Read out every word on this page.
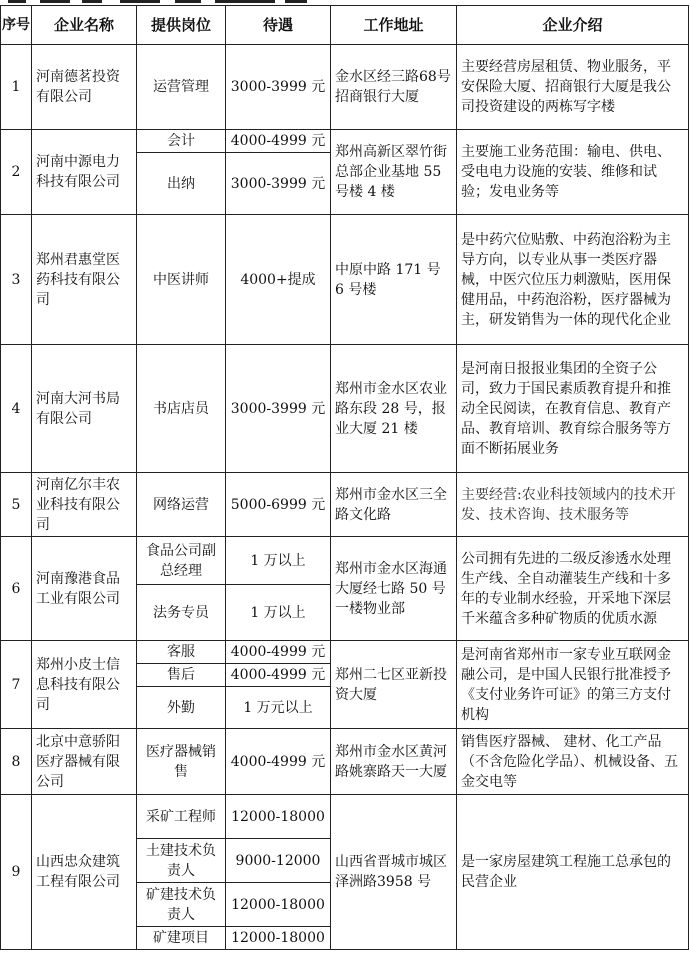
序号	企业名称	提供岗位	待遇	工作地址	企业介绍
1	河南德茗投资有限公司	运营管理	3000-3999 元	金水区经三路68号招商银行大厦	主要经营房屋租赁、物业服务，平安保险大厦、招商银行大厦是我公司投资建设的两栋写字楼
2	河南中源电力科技有限公司	会计	4000-4999 元	郑州高新区翠竹街总部企业基地 55 号楼 4 楼	主要施工业务范围：输电、供电、受电电力设施的安装、维修和试验；发电业务等
		出纳	3000-3999 元		
3	郑州君惠堂医药科技有限公司	中医讲师	4000+提成	中原中路 171 号 6 号楼	是中药穴位贴敷、中药泡浴粉为主导方向，以专业从事一类医疗器械，中医穴位压力刺激贴，医用保健用品，中药泡浴粉，医疗器械为主，研发销售为一体的现代化企业
4	河南大河书局有限公司	书店店员	3000-3999 元	郑州市金水区农业路东段 28 号，报业大厦 21 楼	是河南日报报业集团的全资子公司，致力于国民素质教育提升和推动全民阅读，在教育信息、教育产品、教育培训、教育综合服务等方面不断拓展业务
5	河南亿尔丰农业科技有限公司	网络运营	5000-6999 元	郑州市金水区三全路文化路	主要经营:农业科技领域内的技术开发、技术咨询、技术服务等
6	河南豫港食品工业有限公司	食品公司副总经理	1 万以上	郑州市金水区海通大厦经七路 50 号一楼物业部	公司拥有先进的二级反渗透水处理生产线、全自动灌装生产线和十多年的专业制水经验，开采地下深层千米蕴含多种矿物质的优质水源
		法务专员	1 万以上		
7	郑州小皮士信息科技有限公司	客服	4000-4999 元	郑州二七区亚新投资大厦	是河南省郑州市一家专业互联网金融公司，是中国人民银行批准授予《支付业务许可证》的第三方支付机构
		售后	4000-4999 元		
		外勤	1 万元以上		
8	北京中意骄阳医疗器械有限公司	医疗器械销售	4000-4999 元	郑州市金水区黄河路姚寨路天一大厦	销售医疗器械、 建材、化工产品（不含危险化学品）、机械设备、五金交电等
9	山西忠众建筑工程有限公司	采矿工程师	12000-18000	山西省晋城市城区泽洲路3958 号	是一家房屋建筑工程施工总承包的民营企业
		土建技术负责人	9000-12000		
		矿建技术负责人	12000-18000		
		矿建项目	12000-18000		
